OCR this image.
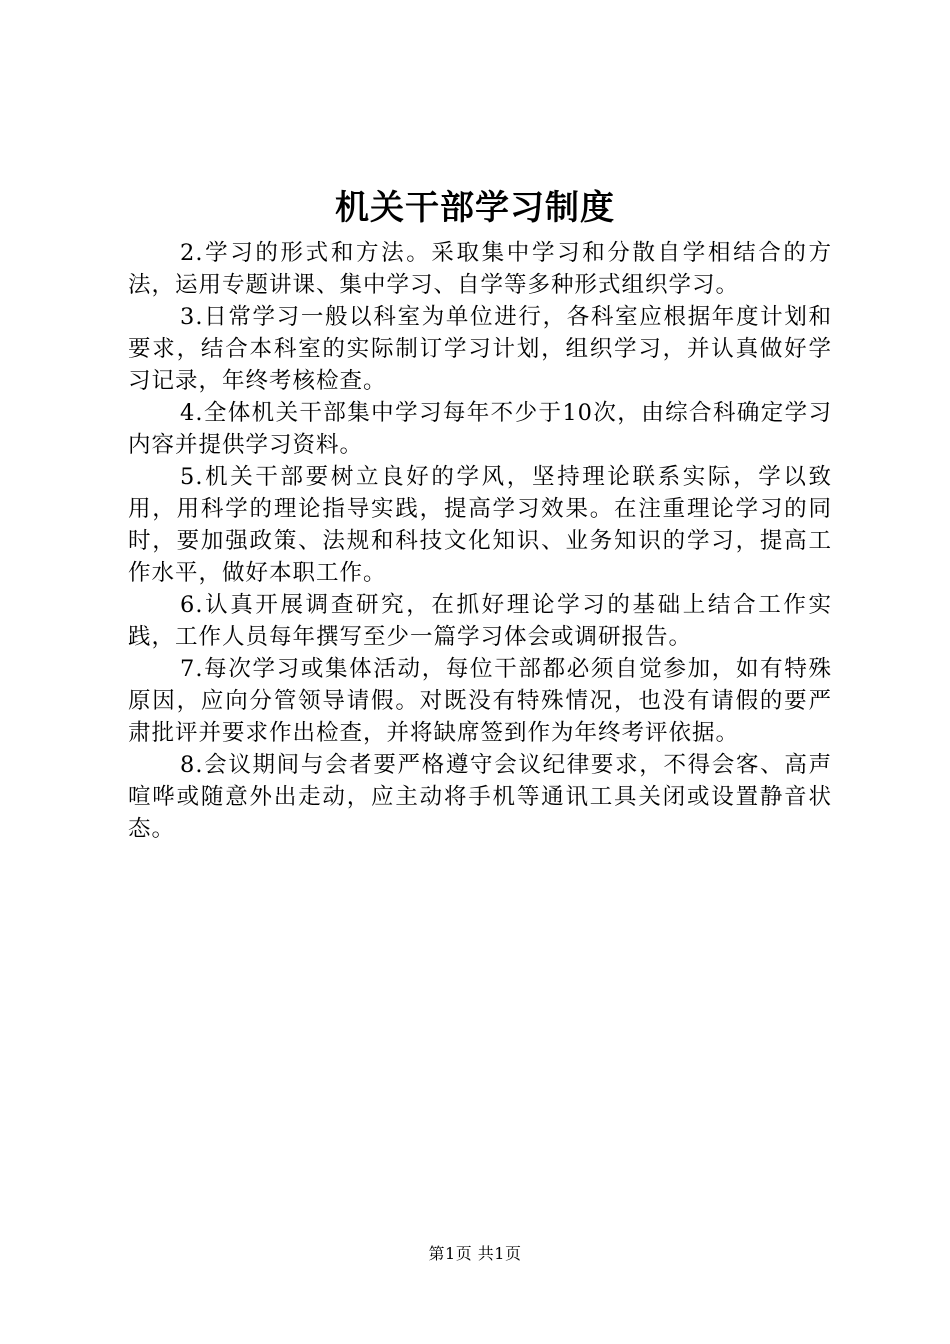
机关干部学习制度

2.学习的形式和方法。采取集中学习和分散自学相结合的方法，运用专题讲课、集中学习、自学等多种形式组织学习。

3.日常学习一般以科室为单位进行，各科室应根据年度计划和要求，结合本科室的实际制订学习计划，组织学习，并认真做好学习记录，年终考核检查。

4.全体机关干部集中学习每年不少于10次，由综合科确定学习内容并提供学习资料。

5.机关干部要树立良好的学风，坚持理论联系实际，学以致用，用科学的理论指导实践，提高学习效果。在注重理论学习的同时，要加强政策、法规和科技文化知识、业务知识的学习，提高工作水平，做好本职工作。

6.认真开展调查研究，在抓好理论学习的基础上结合工作实践，工作人员每年撰写至少一篇学习体会或调研报告。

7.每次学习或集体活动，每位干部都必须自觉参加，如有特殊原因，应向分管领导请假。对既没有特殊情况，也没有请假的要严肃批评并要求作出检查，并将缺席签到作为年终考评依据。

8.会议期间与会者要严格遵守会议纪律要求，不得会客、高声喧哗或随意外出走动，应主动将手机等通讯工具关闭或设置静音状态。

第1页 共1页
